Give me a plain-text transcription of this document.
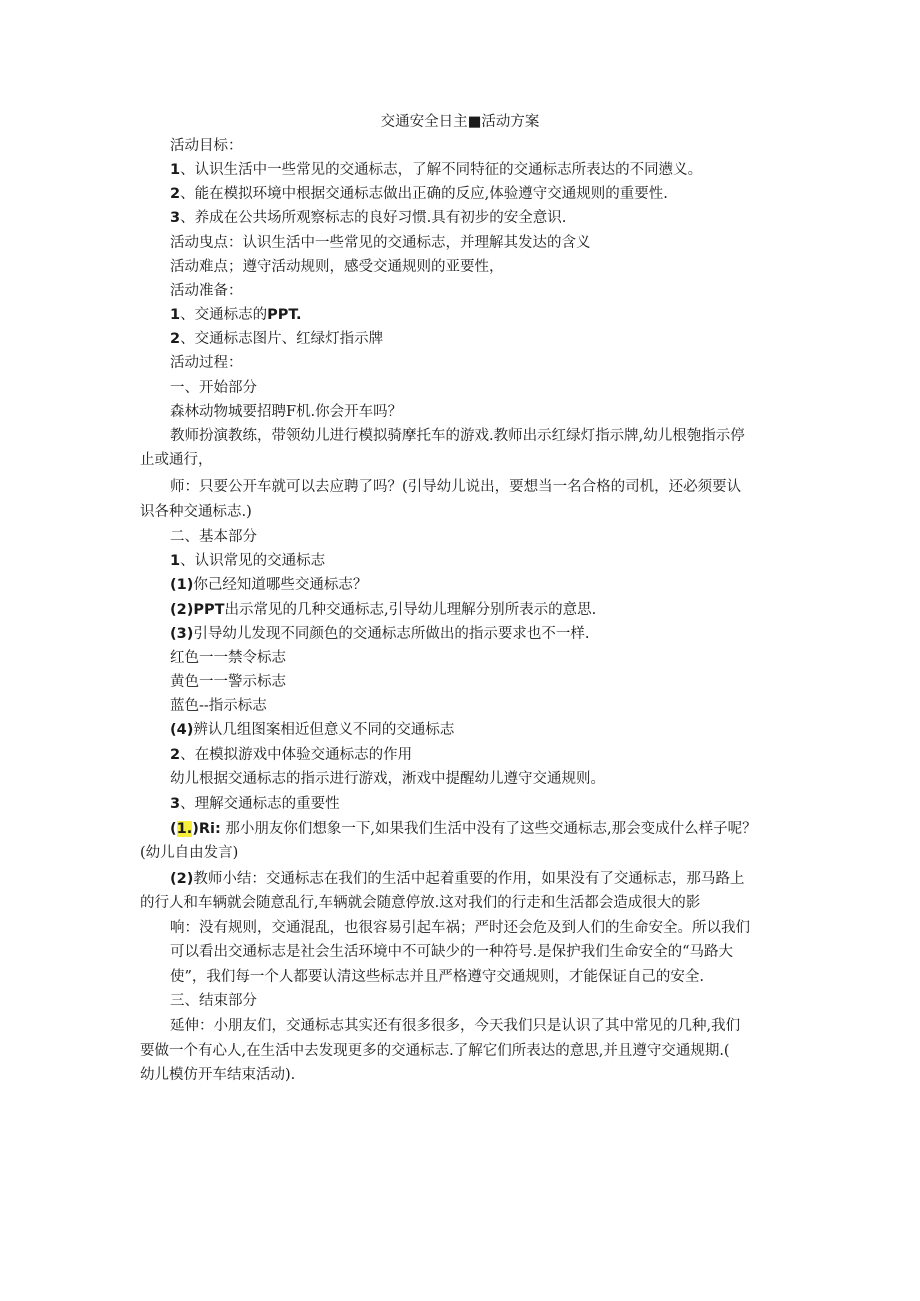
交通安全日主■活动方案
活动目标：
1、认识生活中一些常见的交通标志，了解不同特征的交通标志所表达的不同懑义。
2、能在模拟环境中根据交通标志做出正确的反应,体验遵守交通规则的重要性.
3、养成在公共场所观察标志的良好习惯.具有初步的安全意识.
活动曳点：认识生活中一些常见的交通标志，并理解其发达的含义
活动难点；遵守活动规则，感受交通规则的亚要性，
活动准备：
1、交通标志的PPT.
2、交通标志图片、红绿灯指示牌
活动过程：
一、开始部分
森林动物城要招聘F机.你会开车吗？
教师扮演教练，带领幼儿进行模拟骑摩托车的游戏.教师出示红绿灯指示牌,幼儿根匏指示停
止或通行，
师：只要公开车就可以去应聘了吗？(引导幼儿说出，要想当一名合格的司机，还必须要认
识各种交通标志.)
二、基本部分
1、认识常见的交通标志
(1)你己经知道哪些交通标志？
(2)PPT出示常见的几种交通标志,引导幼儿理解分别所表示的意思.
(3)引导幼儿发现不同颜色的交通标志所做出的指示要求也不一样.
红色一一禁令标志
黄色一一警示标志
蓝色--指示标志
(4)辨认几组图案相近但意义不同的交通标志
2、在模拟游戏中体验交通标志的作用
幼儿根据交通标志的指示进行游戏，淅戏中提醒幼儿遵守交通规则。
3、理解交通标志的重要性
(1.)Ri: 那小朋友你们想象一下,如果我们生活中没有了这些交通标志,那会变成什么样子呢？
(幼儿自由发言)
(2)教师小结：交通标志在我们的生活中起着重要的作用，如果没有了交通标志，那马路上
的行人和车辆就会随意乱行,车辆就会随意停放.这对我们的行走和生活都会造成很大的影
响：没有规则，交通混乱，也很容易引起车祸；严时还会危及到人们的生命安全。所以我们
可以看出交通标志是社会生活环境中不可缺少的一种符号.是保护我们生命安全的“马路大
使”，我们每一个人都要认清这些标志并且严格遵守交通规则，才能保证自己的安全.
三、结束部分
延伸：小朋友们，交通标志其实还有很多很多，今天我们只是认识了其中常见的几种,我们
要做一个有心人,在生活中去发现更多的交通标志.了解它们所表达的意思,并且遵守交通规期.(
幼儿模仿开车结束活动).
